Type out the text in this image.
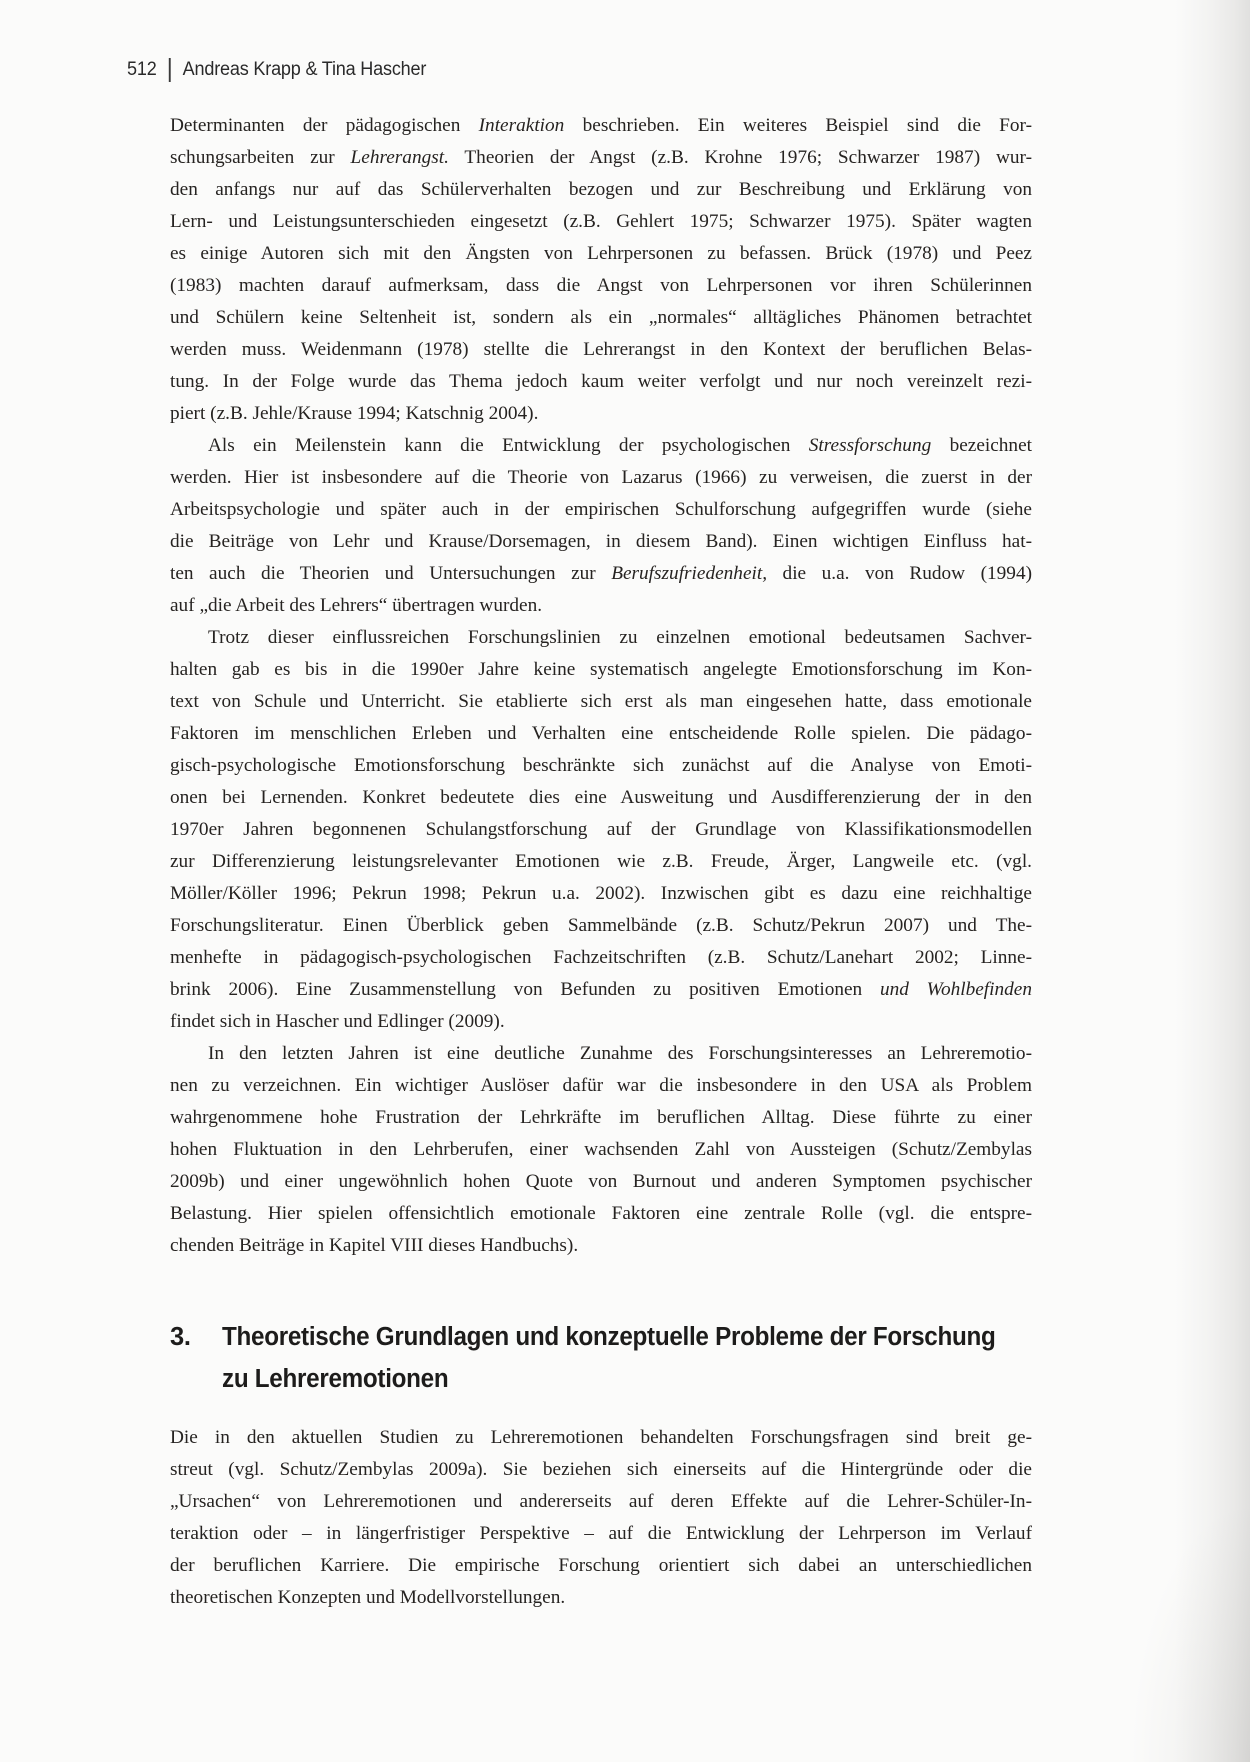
512 Andreas Krapp & Tina Hascher
Determinanten der pädagogischen Interaktion beschrieben. Ein weiteres Beispiel sind die For-
schungsarbeiten zur Lehrerangst. Theorien der Angst (z.B. Krohne 1976; Schwarzer 1987) wur-
den anfangs nur auf das Schülerverhalten bezogen und zur Beschreibung und Erklärung von
Lern- und Leistungsunterschieden eingesetzt (z.B. Gehlert 1975; Schwarzer 1975). Später wagten
es einige Autoren sich mit den Ängsten von Lehrpersonen zu befassen. Brück (1978) und Peez
(1983) machten darauf aufmerksam, dass die Angst von Lehrpersonen vor ihren Schülerinnen
und Schülern keine Seltenheit ist, sondern als ein „normales“ alltägliches Phänomen betrachtet
werden muss. Weidenmann (1978) stellte die Lehrerangst in den Kontext der beruflichen Belas-
tung. In der Folge wurde das Thema jedoch kaum weiter verfolgt und nur noch vereinzelt rezi-
piert (z.B. Jehle/Krause 1994; Katschnig 2004).
Als ein Meilenstein kann die Entwicklung der psychologischen Stressforschung bezeichnet
werden. Hier ist insbesondere auf die Theorie von Lazarus (1966) zu verweisen, die zuerst in der
Arbeitspsychologie und später auch in der empirischen Schulforschung aufgegriffen wurde (siehe
die Beiträge von Lehr und Krause/Dorsemagen, in diesem Band). Einen wichtigen Einfluss hat-
ten auch die Theorien und Untersuchungen zur Berufszufriedenheit, die u.a. von Rudow (1994)
auf „die Arbeit des Lehrers“ übertragen wurden.
Trotz dieser einflussreichen Forschungslinien zu einzelnen emotional bedeutsamen Sachver-
halten gab es bis in die 1990er Jahre keine systematisch angelegte Emotionsforschung im Kon-
text von Schule und Unterricht. Sie etablierte sich erst als man eingesehen hatte, dass emotionale
Faktoren im menschlichen Erleben und Verhalten eine entscheidende Rolle spielen. Die pädago-
gisch-psychologische Emotionsforschung beschränkte sich zunächst auf die Analyse von Emoti-
onen bei Lernenden. Konkret bedeutete dies eine Ausweitung und Ausdifferenzierung der in den
1970er Jahren begonnenen Schulangstforschung auf der Grundlage von Klassifikationsmodellen
zur Differenzierung leistungsrelevanter Emotionen wie z.B. Freude, Ärger, Langweile etc. (vgl.
Möller/Köller 1996; Pekrun 1998; Pekrun u.a. 2002). Inzwischen gibt es dazu eine reichhaltige
Forschungsliteratur. Einen Überblick geben Sammelbände (z.B. Schutz/Pekrun 2007) und The-
menhefte in pädagogisch-psychologischen Fachzeitschriften (z.B. Schutz/Lanehart 2002; Linne-
brink 2006). Eine Zusammenstellung von Befunden zu positiven Emotionen und Wohlbefinden
findet sich in Hascher und Edlinger (2009).
In den letzten Jahren ist eine deutliche Zunahme des Forschungsinteresses an Lehreremotio-
nen zu verzeichnen. Ein wichtiger Auslöser dafür war die insbesondere in den USA als Problem
wahrgenommene hohe Frustration der Lehrkräfte im beruflichen Alltag. Diese führte zu einer
hohen Fluktuation in den Lehrberufen, einer wachsenden Zahl von Aussteigen (Schutz/Zembylas
2009b) und einer ungewöhnlich hohen Quote von Burnout und anderen Symptomen psychischer
Belastung. Hier spielen offensichtlich emotionale Faktoren eine zentrale Rolle (vgl. die entspre-
chenden Beiträge in Kapitel VIII dieses Handbuchs).
3.	Theoretische Grundlagen und konzeptuelle Probleme der Forschung
zu Lehreremotionen
Die in den aktuellen Studien zu Lehreremotionen behandelten Forschungsfragen sind breit ge-
streut (vgl. Schutz/Zembylas 2009a). Sie beziehen sich einerseits auf die Hintergründe oder die
„Ursachen“ von Lehreremotionen und andererseits auf deren Effekte auf die Lehrer-Schüler-In-
teraktion oder – in längerfristiger Perspektive – auf die Entwicklung der Lehrperson im Verlauf
der beruflichen Karriere. Die empirische Forschung orientiert sich dabei an unterschiedlichen
theoretischen Konzepten und Modellvorstellungen.
